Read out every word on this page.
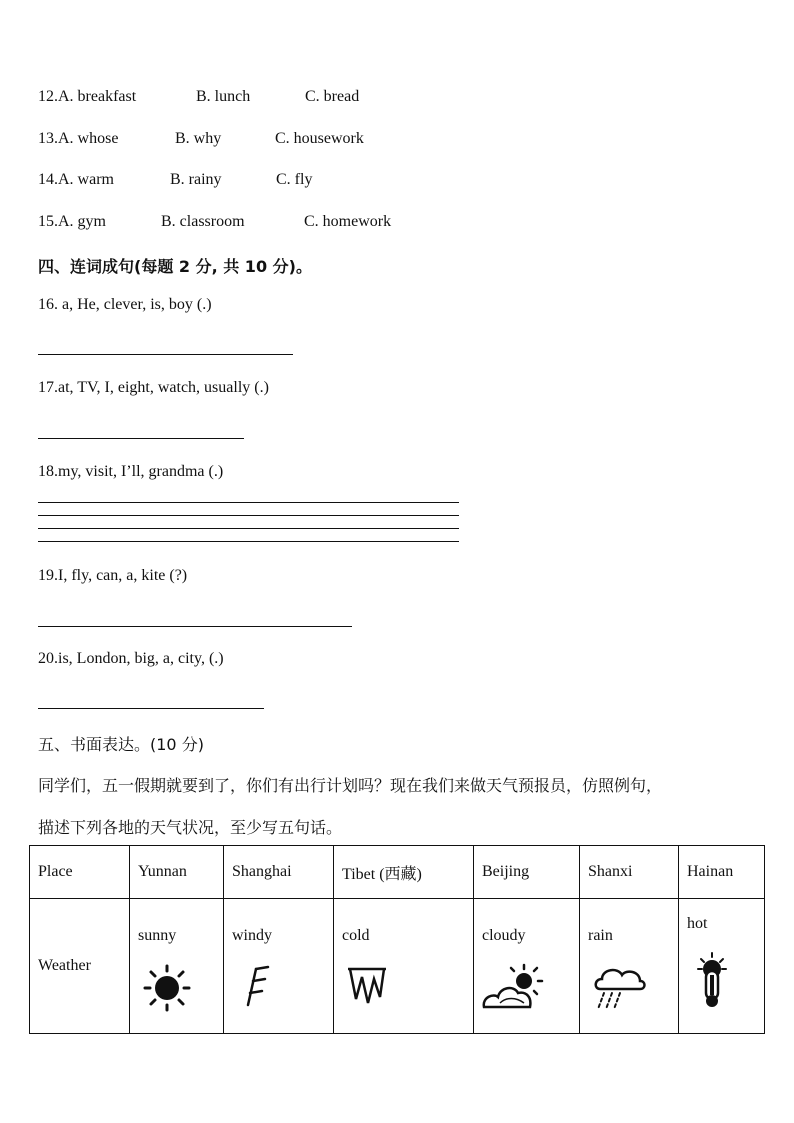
12.A. breakfast	B. lunch	C. bread
13.A. whose	B. why	C. housework
14.A. warm	B. rainy	C. fly
15.A. gym	B. classroom	C. homework
四、连词成句(每题 2 分, 共 10 分)。
16. a, He, clever, is, boy (.)
17.at, TV, I, eight, watch, usually (.)
18.my, visit, I’ll, grandma (.)
19.I, fly, can, a, kite (?)
20.is, London, big, a, city, (.)
五、书面表达。(10 分)
同学们，五一假期就要到了，你们有出行计划吗？现在我们来做天气预报员，仿照例句，
描述下列各地的天气状况，至少写五句话。
Place	Yunnan	Shanghai	Tibet (西藏)	Beijing	Shanxi	Hainan
Weather	sunny	windy	cold	cloudy	rain	hot
